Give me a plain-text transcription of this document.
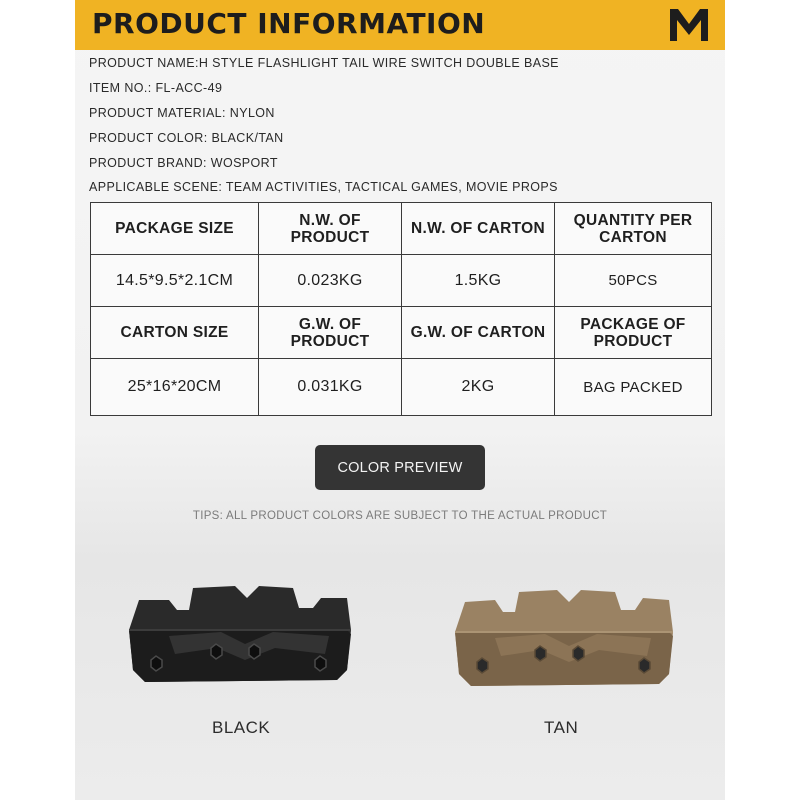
PRODUCT INFORMATION
PRODUCT NAME:H STYLE FLASHLIGHT TAIL WIRE SWITCH DOUBLE BASE
ITEM NO.: FL-ACC-49
PRODUCT MATERIAL: NYLON
PRODUCT COLOR: BLACK/TAN
PRODUCT BRAND: WOSPORT
APPLICABLE SCENE: TEAM ACTIVITIES, TACTICAL GAMES, MOVIE PROPS
PACKAGE SIZE	N.W. OF PRODUCT	N.W. OF CARTON	QUANTITY PER CARTON
14.5*9.5*2.1CM	0.023KG	1.5KG	50PCS
CARTON SIZE	G.W. OF PRODUCT	G.W. OF CARTON	PACKAGE OF PRODUCT
25*16*20CM	0.031KG	2KG	BAG PACKED
COLOR PREVIEW
TIPS: ALL PRODUCT COLORS ARE SUBJECT TO THE ACTUAL PRODUCT
BLACK	TAN
